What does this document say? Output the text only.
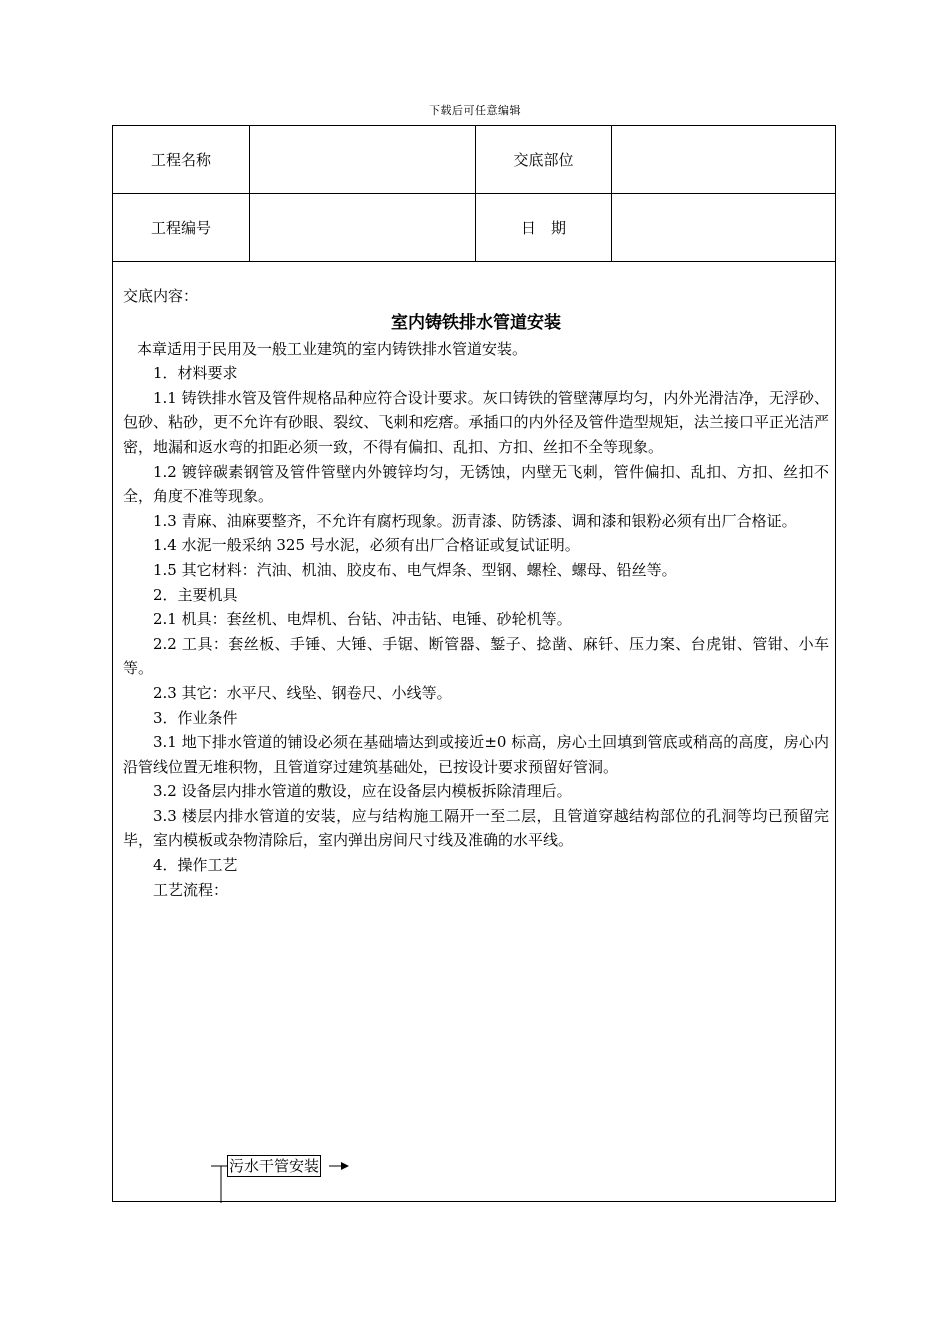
下载后可任意编辑
工程名称	交底部位
工程编号	日　期

交底内容：

室内铸铁排水管道安装

本章适用于民用及一般工业建筑的室内铸铁排水管道安装。

1．材料要求

1.1 铸铁排水管及管件规格品种应符合设计要求。灰口铸铁的管壁薄厚均匀，内外光滑洁净，无浮砂、包砂、粘砂，更不允许有砂眼、裂纹、飞刺和疙瘩。承插口的内外径及管件造型规矩，法兰接口平正光洁严密，地漏和返水弯的扣距必须一致，不得有偏扣、乱扣、方扣、丝扣不全等现象。

1.2 镀锌碳素钢管及管件管壁内外镀锌均匀，无锈蚀，内壁无飞刺，管件偏扣、乱扣、方扣、丝扣不全，角度不准等现象。

1.3 青麻、油麻要整齐，不允许有腐朽现象。沥青漆、防锈漆、调和漆和银粉必须有出厂合格证。

1.4 水泥一般采纳 325 号水泥，必须有出厂合格证或复试证明。

1.5 其它材料：汽油、机油、胶皮布、电气焊条、型钢、螺栓、螺母、铅丝等。

2．主要机具

2.1 机具：套丝机、电焊机、台钻、冲击钻、电锤、砂轮机等。

2.2 工具：套丝板、手锤、大锤、手锯、断管器、錾子、捻凿、麻钎、压力案、台虎钳、管钳、小车等。

2.3 其它：水平尺、线坠、钢卷尺、小线等。

3．作业条件

3.1 地下排水管道的铺设必须在基础墙达到或接近±0 标高，房心土回填到管底或稍高的高度，房心内沿管线位置无堆积物，且管道穿过建筑基础处，已按设计要求预留好管洞。

3.2 设备层内排水管道的敷设，应在设备层内模板拆除清理后。

3.3 楼层内排水管道的安装，应与结构施工隔开一至二层，且管道穿越结构部位的孔洞等均已预留完毕，室内模板或杂物清除后，室内弹出房间尺寸线及准确的水平线。

4．操作工艺

工艺流程：

污水干管安装
